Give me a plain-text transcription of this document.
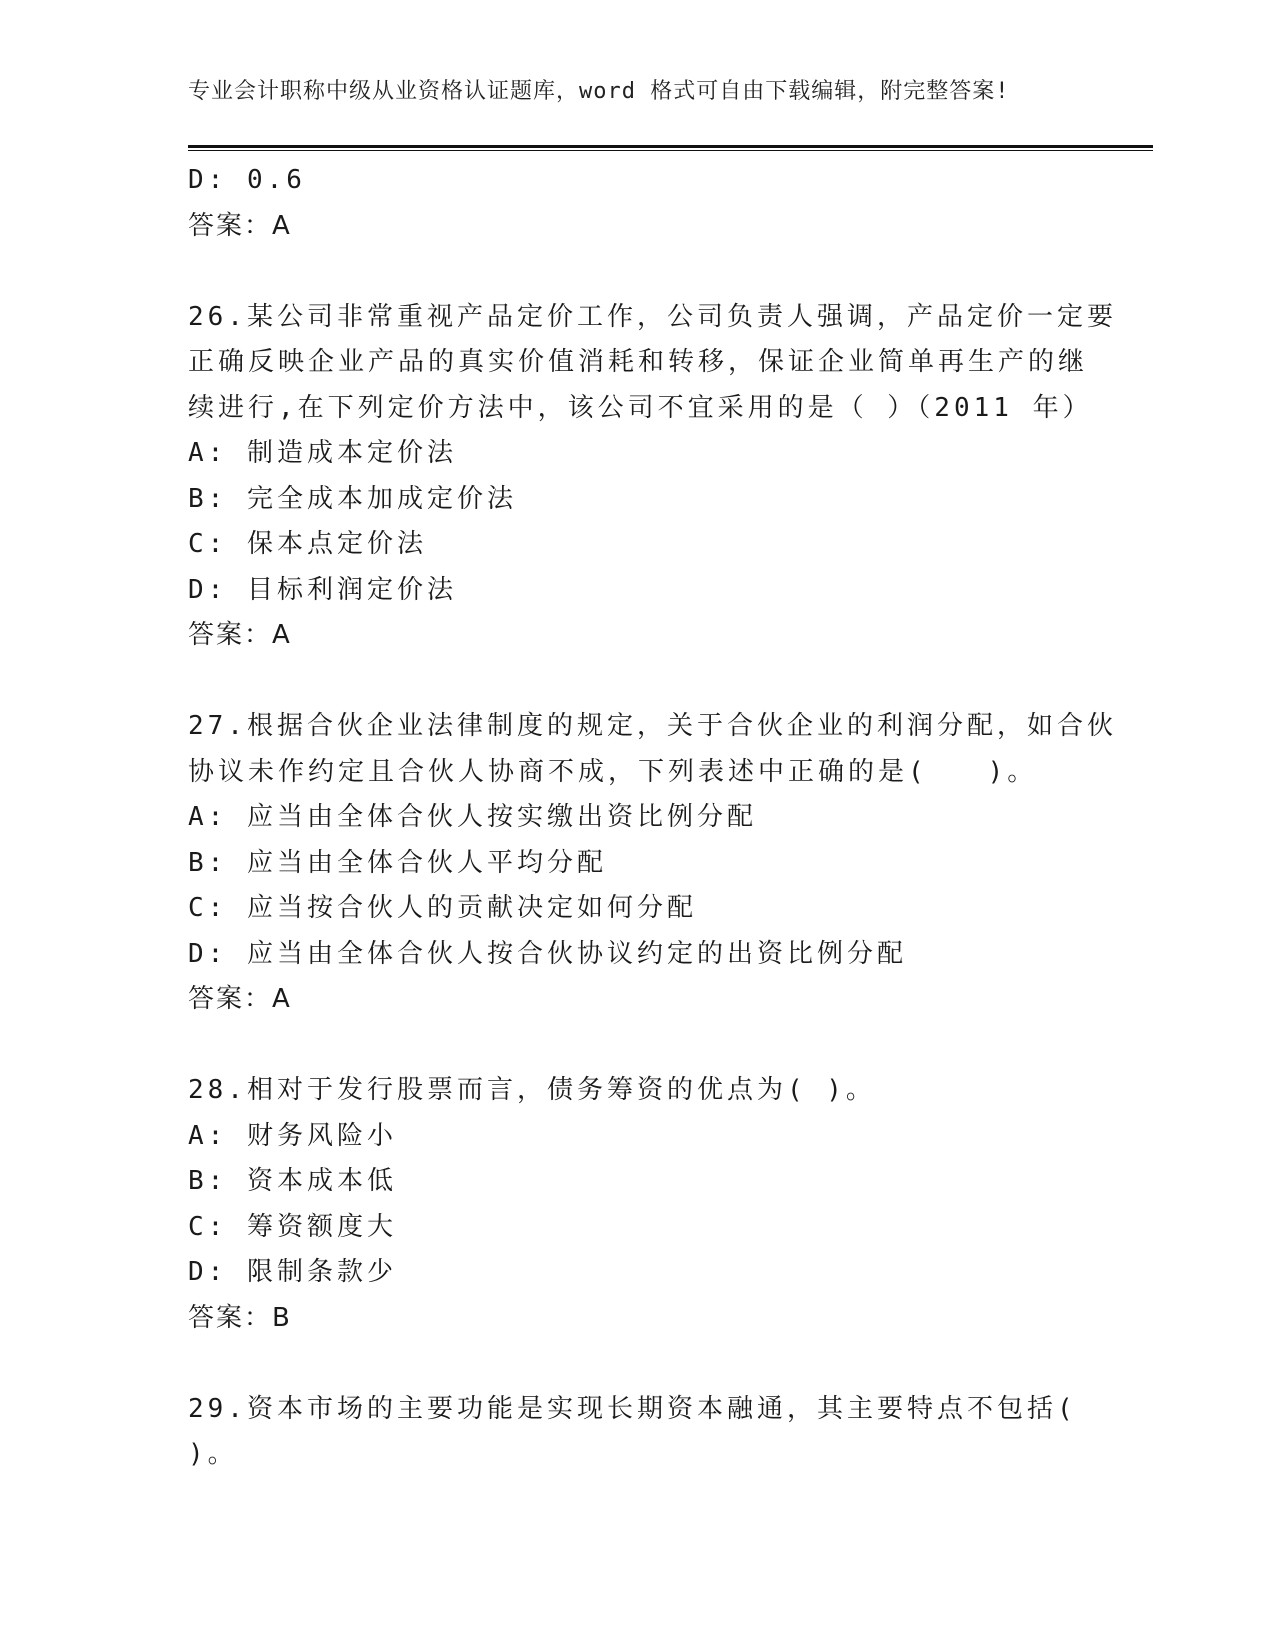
专业会计职称中级从业资格认证题库，word 格式可自由下载编辑，附完整答案!
D: 0.6
答案：A
26.某公司非常重视产品定价工作，公司负责人强调，产品定价一定要
正确反映企业产品的真实价值消耗和转移，保证企业简单再生产的继
续进行,在下列定价方法中，该公司不宜采用的是（ ）（2011 年）
A: 制造成本定价法
B: 完全成本加成定价法
C: 保本点定价法
D: 目标利润定价法
答案：A
27.根据合伙企业法律制度的规定，关于合伙企业的利润分配，如合伙
协议未作约定且合伙人协商不成，下列表述中正确的是(　　)。
A: 应当由全体合伙人按实缴出资比例分配
B: 应当由全体合伙人平均分配
C: 应当按合伙人的贡献决定如何分配
D: 应当由全体合伙人按合伙协议约定的出资比例分配
答案：A
28.相对于发行股票而言，债务筹资的优点为( )。
A: 财务风险小
B: 资本成本低
C: 筹资额度大
D: 限制条款少
答案：B
29.资本市场的主要功能是实现长期资本融通，其主要特点不包括(
)。
